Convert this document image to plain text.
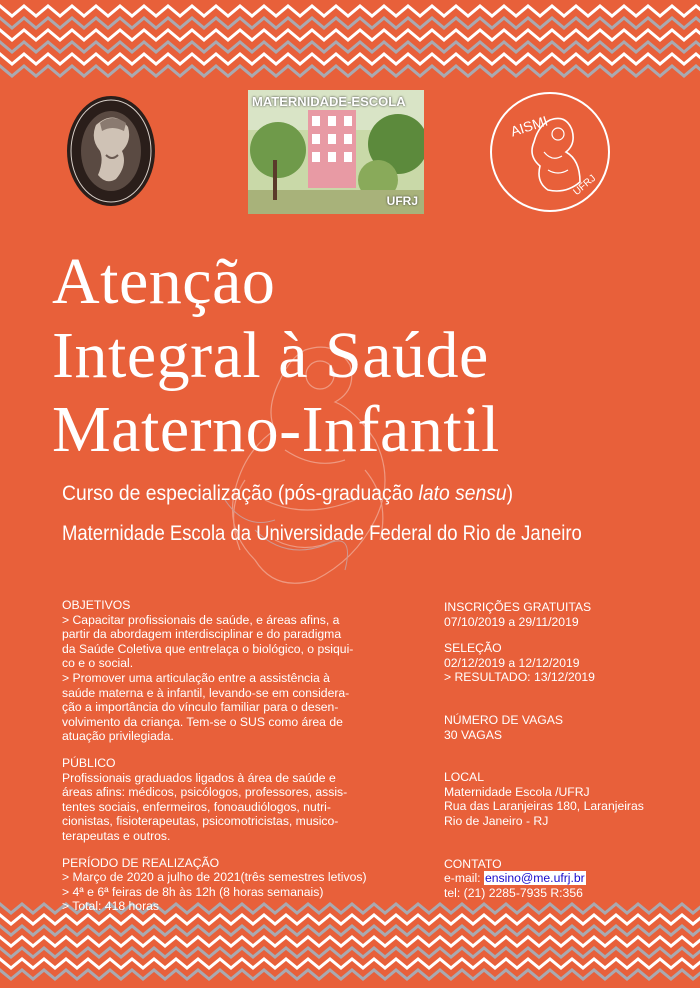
MATERNIDADE-ESCOLA
UFRJ
AISMI
UFRJ
Atenção
Integral à Saúde
Materno-Infantil
Curso de especialização (pós-graduação lato sensu)
Maternidade Escola da Universidade Federal do Rio de Janeiro
OBJETIVOS
> Capacitar profissionais de saúde, e áreas afins, a
partir da abordagem interdisciplinar e do paradigma
da Saúde Coletiva que entrelaça o biológico, o psiqui-
co e o social.
> Promover uma articulação entre a assistência à
saúde materna e à infantil, levando-se em considera-
ção a importância do vínculo familiar para o desen-
volvimento da criança. Tem-se o SUS como área de
atuação privilegiada.
PÚBLICO
Profissionais graduados ligados à área de saúde e
áreas afins: médicos, psicólogos, professores, assis-
tentes sociais, enfermeiros, fonoaudiólogos, nutri-
cionistas, fisioterapeutas, psicomotricistas, musico-
terapeutas e outros.
PERÍODO DE REALIZAÇÃO
> Março de 2020 a julho de 2021(três semestres letivos)
> 4ª e 6ª feiras de 8h às 12h (8 horas semanais)
> Total: 418 horas
INSCRIÇÕES GRATUITAS
07/10/2019 a 29/11/2019
SELEÇÃO
02/12/2019 a 12/12/2019
> RESULTADO: 13/12/2019
NÚMERO DE VAGAS
30 VAGAS
LOCAL
Maternidade Escola /UFRJ
Rua das Laranjeiras 180, Laranjeiras
Rio de Janeiro - RJ
CONTATO
e-mail: ensino@me.ufrj.br
tel: (21) 2285-7935 R:356
